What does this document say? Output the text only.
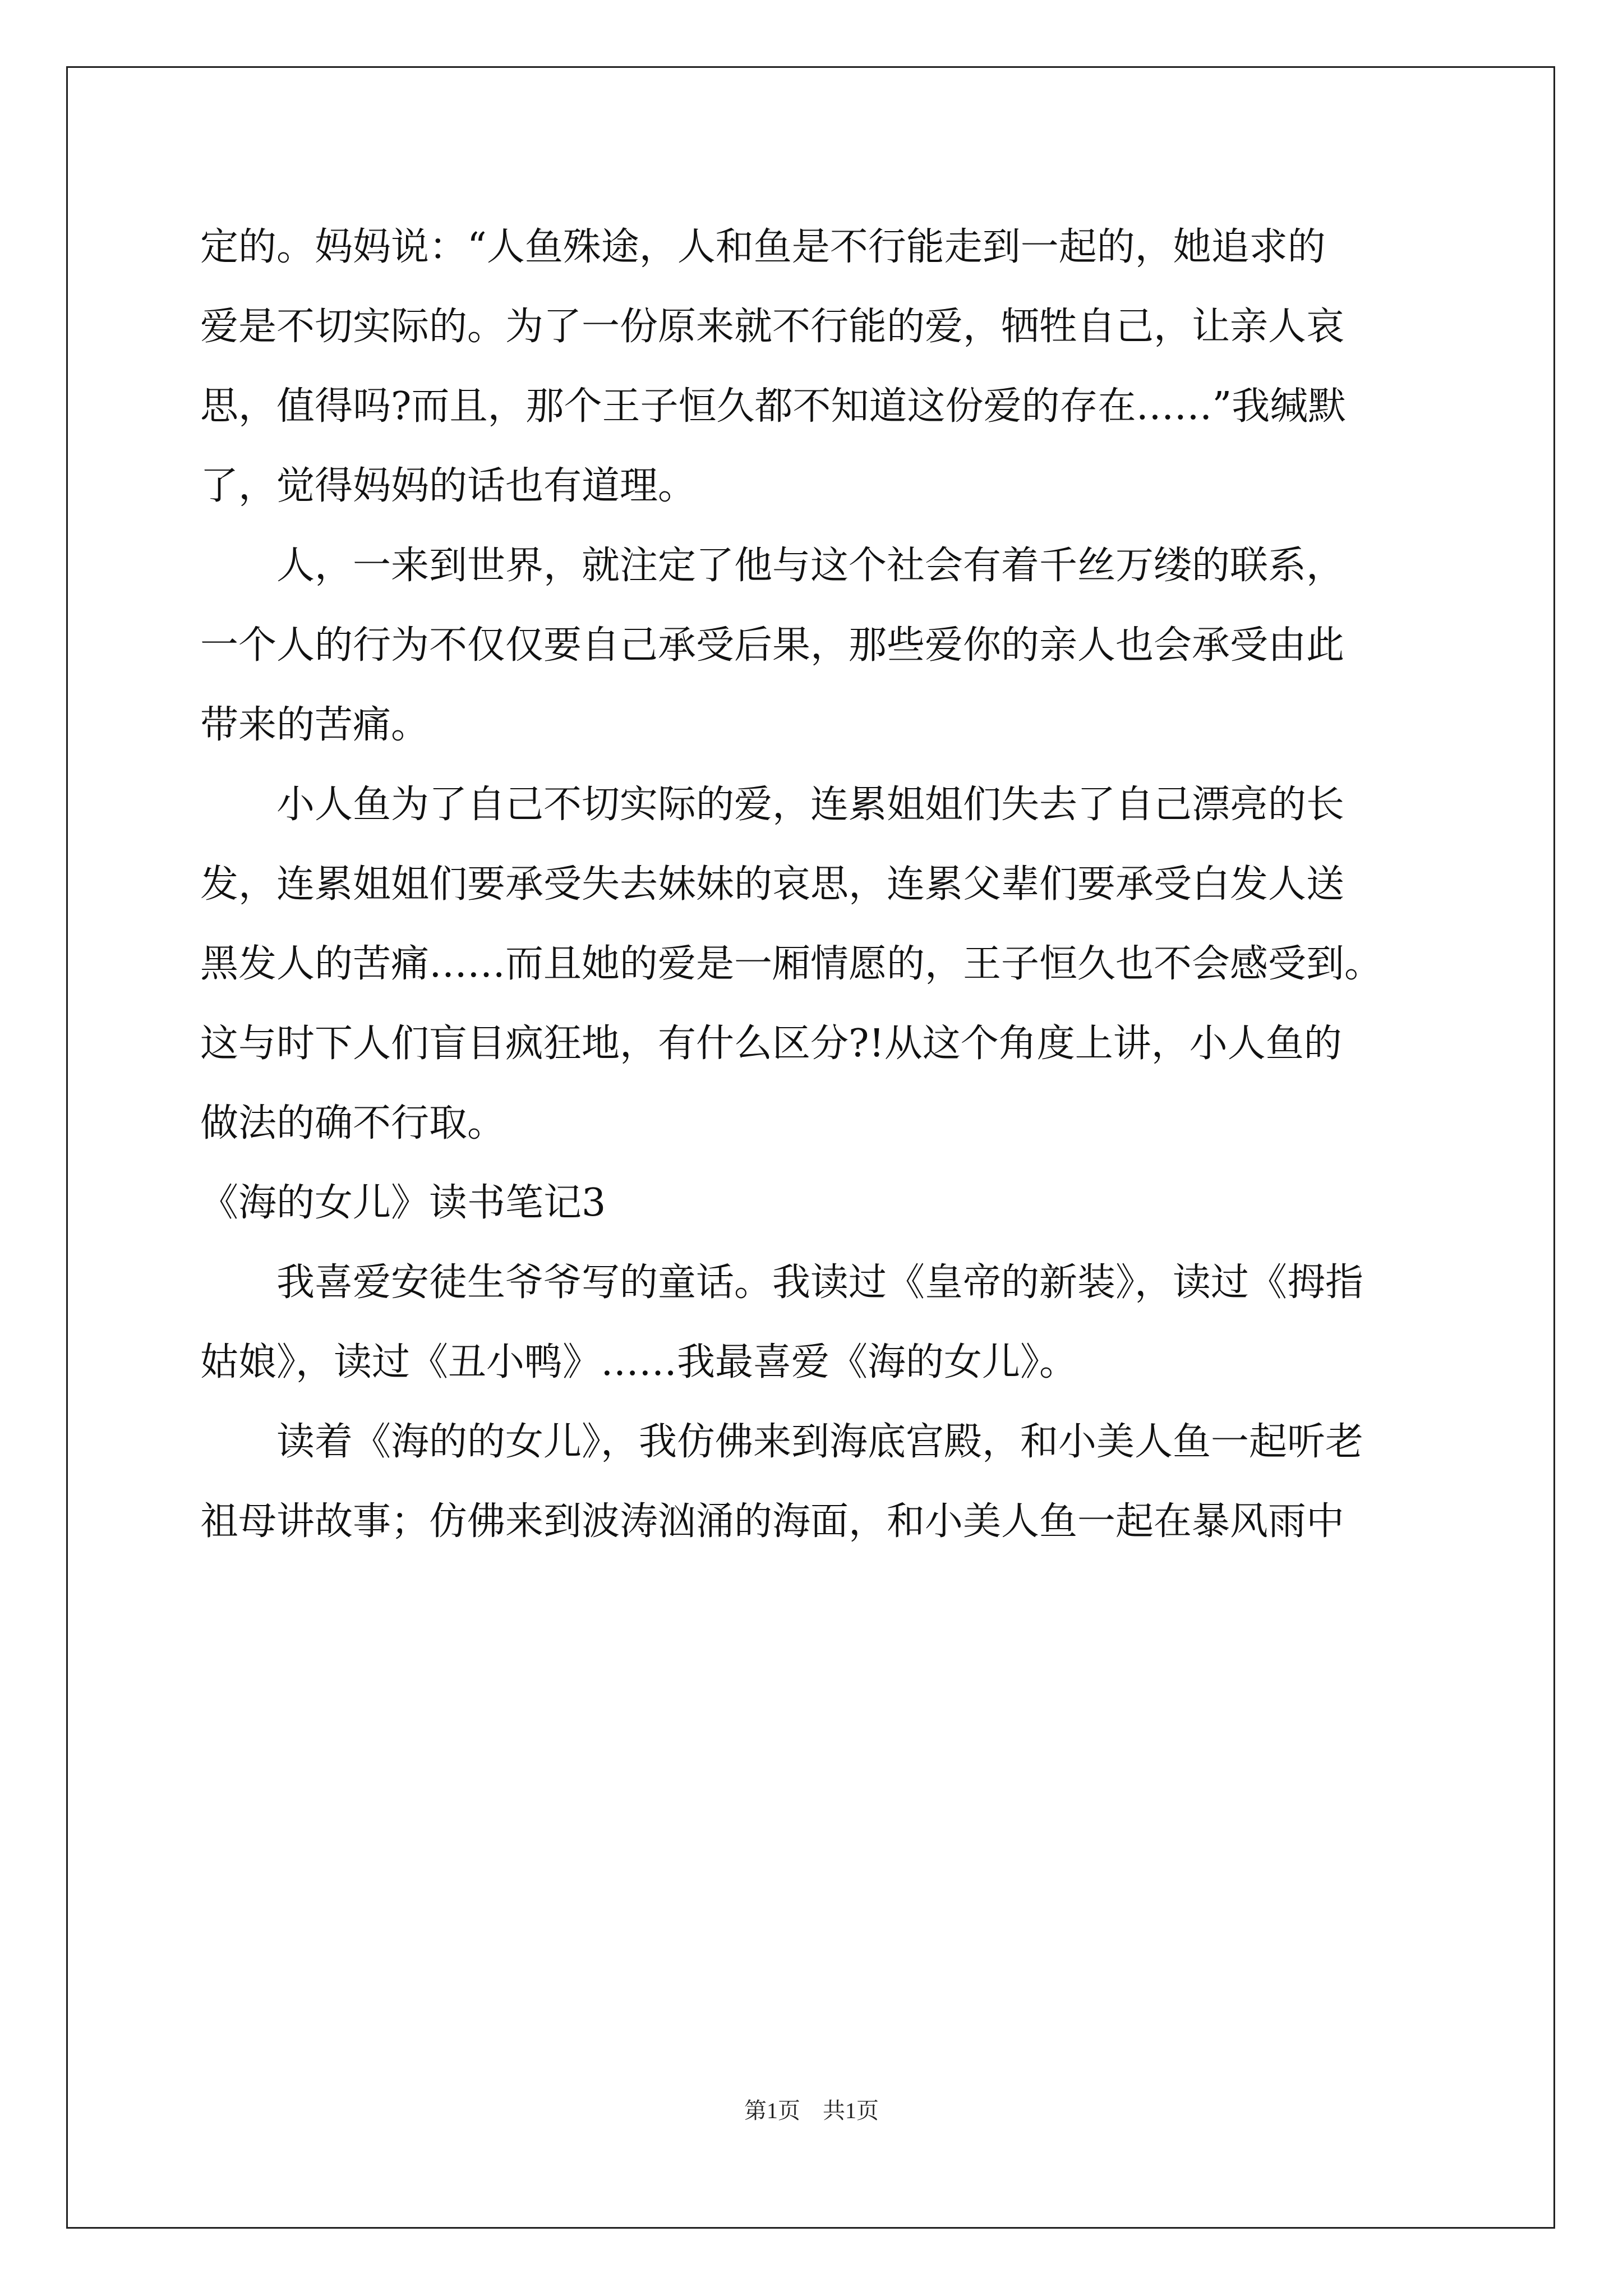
定的。妈妈说：“人鱼殊途，人和鱼是不行能走到一起的，她追求的
爱是不切实际的。为了一份原来就不行能的爱，牺牲自己，让亲人哀
思，值得吗?而且，那个王子恒久都不知道这份爱的存在……”我缄默
了，觉得妈妈的话也有道理。
人，一来到世界，就注定了他与这个社会有着千丝万缕的联系，
一个人的行为不仅仅要自己承受后果，那些爱你的亲人也会承受由此
带来的苦痛。
小人鱼为了自己不切实际的爱，连累姐姐们失去了自己漂亮的长
发，连累姐姐们要承受失去妹妹的哀思，连累父辈们要承受白发人送
黑发人的苦痛……而且她的爱是一厢情愿的，王子恒久也不会感受到。
这与时下人们盲目疯狂地，有什么区分?!从这个角度上讲，小人鱼的
做法的确不行取。
《海的女儿》读书笔记3
我喜爱安徒生爷爷写的童话。我读过《皇帝的新装》，读过《拇指
姑娘》，读过《丑小鸭》……我最喜爱《海的女儿》。
读着《海的的女儿》，我仿佛来到海底宫殿，和小美人鱼一起听老
祖母讲故事；仿佛来到波涛汹涌的海面，和小美人鱼一起在暴风雨中
第1页　共1页
